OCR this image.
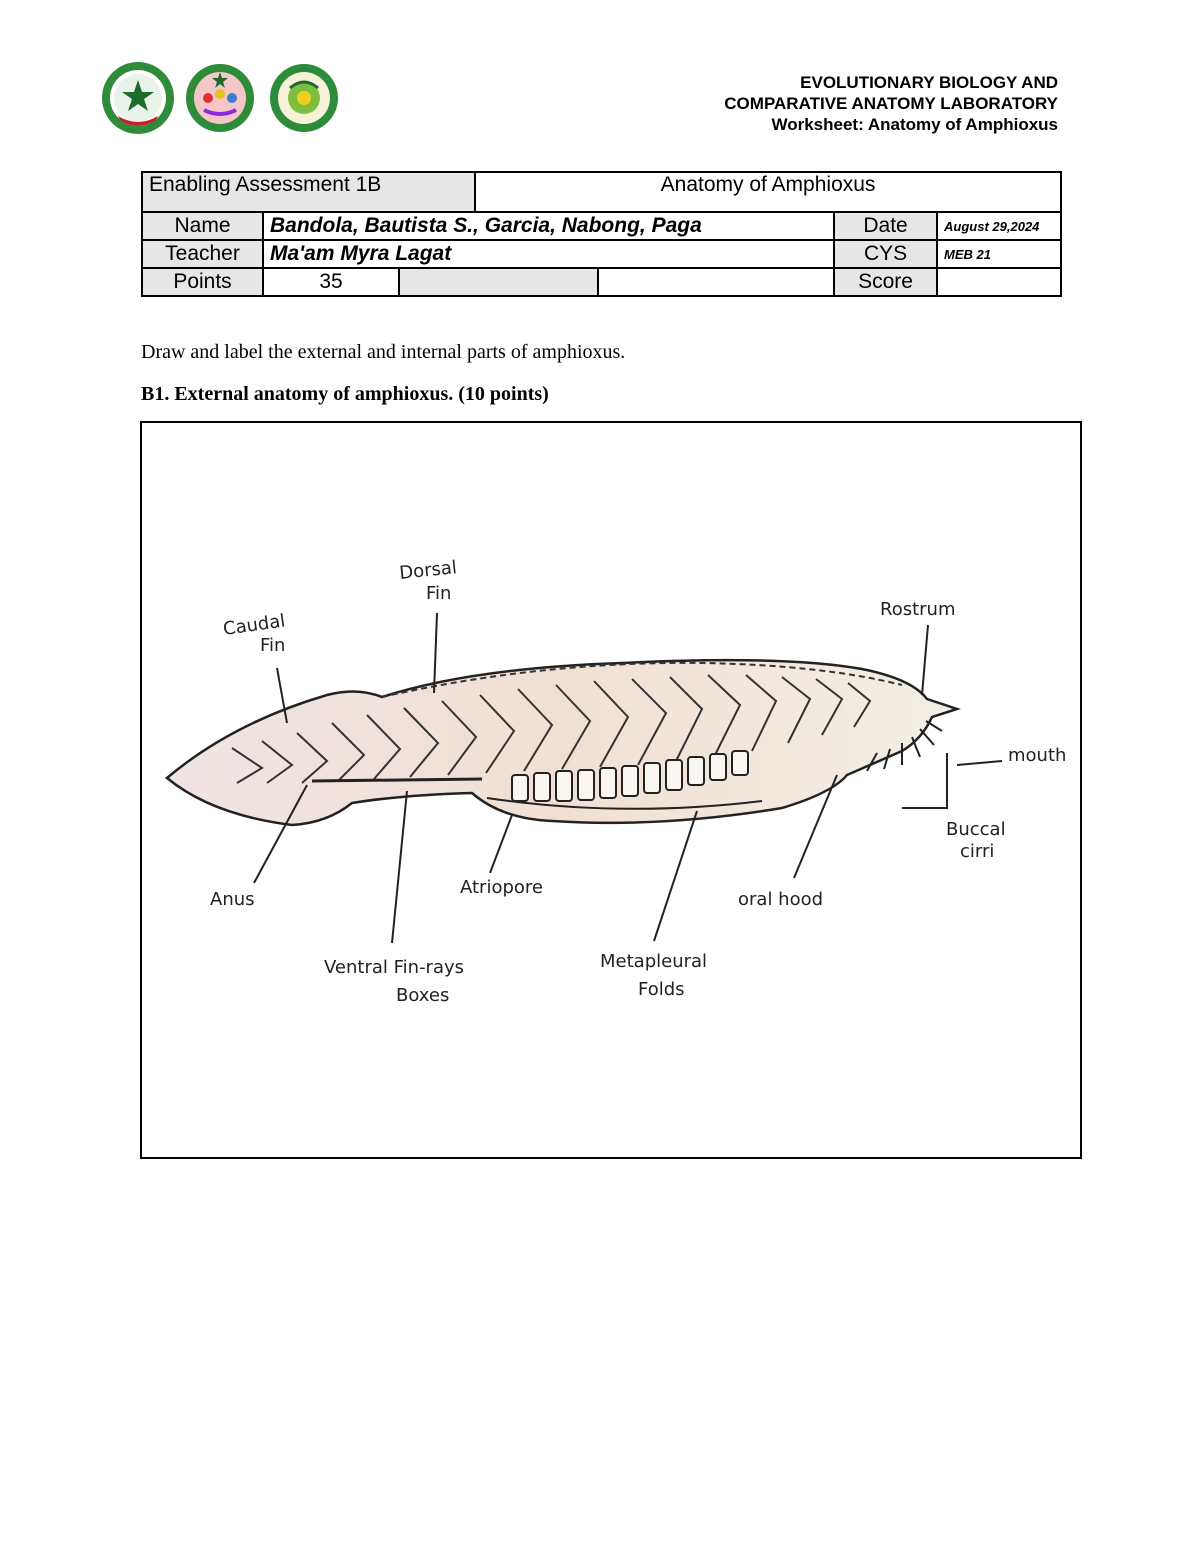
EVOLUTIONARY BIOLOGY AND
COMPARATIVE ANATOMY LABORATORY
Worksheet: Anatomy of Amphioxus
Enabling Assessment 1B			Anatomy of Amphioxus			
Name	Bandola, Bautista S., Garcia, Nabong, Paga				Date	August 29,2024
Teacher	Ma'am Myra Lagat				CYS	MEB 21
Points	35				Score	
Draw and label the external and internal parts of amphioxus.
B1. External anatomy of amphioxus. (10 points)
Dorsal
Fin
Caudal
Fin
Rostrum
mouth
Buccal
cirri
Anus
Atriopore
oral hood
Ventral Fin-rays
Boxes
Metapleural
Folds
